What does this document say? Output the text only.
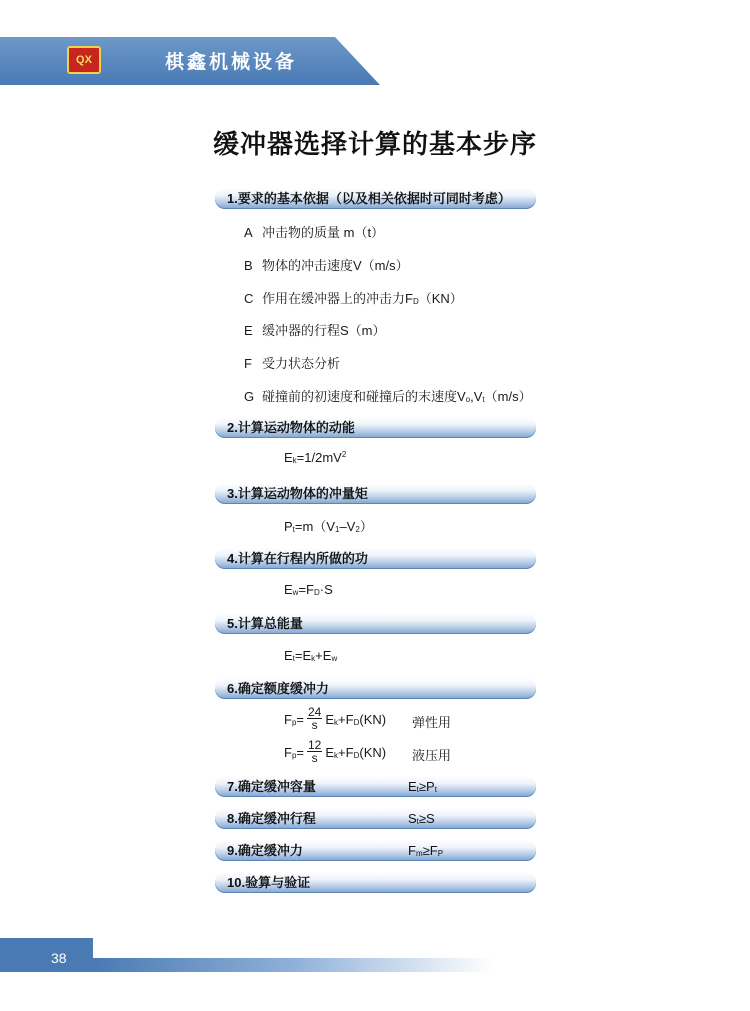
QX	棋鑫机械设备
缓冲器选择计算的基本步序
1.要求的基本依据（以及相关依据时可同时考虑）
A 冲击物的质量 m（t）
B 物体的冲击速度V（m/s）
C 作用在缓冲器上的冲击力$F_D(KN)$
E 缓冲器的行程S（m）
F 受力状态分析
G 碰撞前的初速度和碰撞后的末速度$V_o,V_t(m/s)$
2.计算运动物体的动能
$E_k=1/2mV^2$
3.计算运动物体的冲量矩
$P_t=m(V_1-V_2)$
4.计算在行程内所做的功
$E_w=F_D\cdot S$
5.计算总能量
$E_t=E_k+E_w$
6.确定额度缓冲力
$F_p= \frac{24}{s} E_k+F_D(KN)$ 弹性用
$F_p= \frac{12}{s} E_k+F_D(KN)$ 液压用
7.确定缓冲容量	$E_t\ge P_t$
8.确定缓冲行程	$S_t\ge S$
9.确定缓冲力	$F_m\ge F_P$
10.验算与验证
38
